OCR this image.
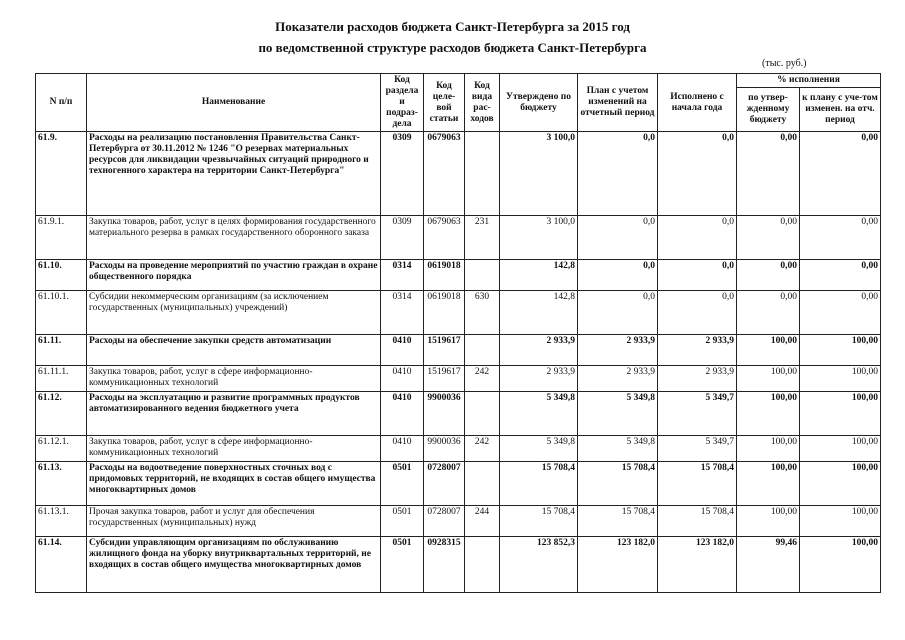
Показатели расходов бюджета Санкт-Петербурга за 2015 год
по ведомственной структуре расходов бюджета Санкт-Петербурга
(тыс. руб.)
N п/п	Наименование	Код раздела и подраз-дела	Код целе-вой статьи	Код вида рас-ходов	Утверждено по бюджету	План с учетом изменений на отчетный период	Исполнено с начала года	% исполнения	
								по утвер-жденному бюджету	к плану с уче-том изменен. на отч. период
61.9.	Расходы на реализацию постановления Правительства Санкт-Петербурга от 30.11.2012 № 1246 "О резервах материальных ресурсов для ликвидации чрезвычайных ситуаций природного и техногенного характера на территории Санкт-Петербурга"	0309	0679063		3 100,0	0,0	0,0	0,00	0,00
61.9.1.	Закупка товаров, работ, услуг в целях формирования государственного материального резерва в рамках государственного оборонного заказа	0309	0679063	231	3 100,0	0,0	0,0	0,00	0,00
61.10.	Расходы на проведение мероприятий по участию граждан в охране общественного порядка	0314	0619018		142,8	0,0	0,0	0,00	0,00
61.10.1.	Субсидии некоммерческим организациям (за исключением государственных (муниципальных) учреждений)	0314	0619018	630	142,8	0,0	0,0	0,00	0,00
61.11.	Расходы на обеспечение закупки средств автоматизации	0410	1519617		2 933,9	2 933,9	2 933,9	100,00	100,00
61.11.1.	Закупка товаров, работ, услуг в сфере информационно-коммуникационных технологий	0410	1519617	242	2 933,9	2 933,9	2 933,9	100,00	100,00
61.12.	Расходы на эксплуатацию и развитие программных продуктов автоматизированного ведения бюджетного учета	0410	9900036		5 349,8	5 349,8	5 349,7	100,00	100,00
61.12.1.	Закупка товаров, работ, услуг в сфере информационно-коммуникационных технологий	0410	9900036	242	5 349,8	5 349,8	5 349,7	100,00	100,00
61.13.	Расходы на водоотведение поверхностных сточных вод с придомовых территорий, не входящих в состав общего имущества многоквартирных домов	0501	0728007		15 708,4	15 708,4	15 708,4	100,00	100,00
61.13.1.	Прочая закупка товаров, работ и услуг для обеспечения государственных (муниципальных) нужд	0501	0728007	244	15 708,4	15 708,4	15 708,4	100,00	100,00
61.14.	Субсидии управляющим организациям по обслуживанию жилищного фонда на уборку внутриквартальных территорий, не входящих в состав общего имущества многоквартирных домов	0501	0928315		123 852,3	123 182,0	123 182,0	99,46	100,00
